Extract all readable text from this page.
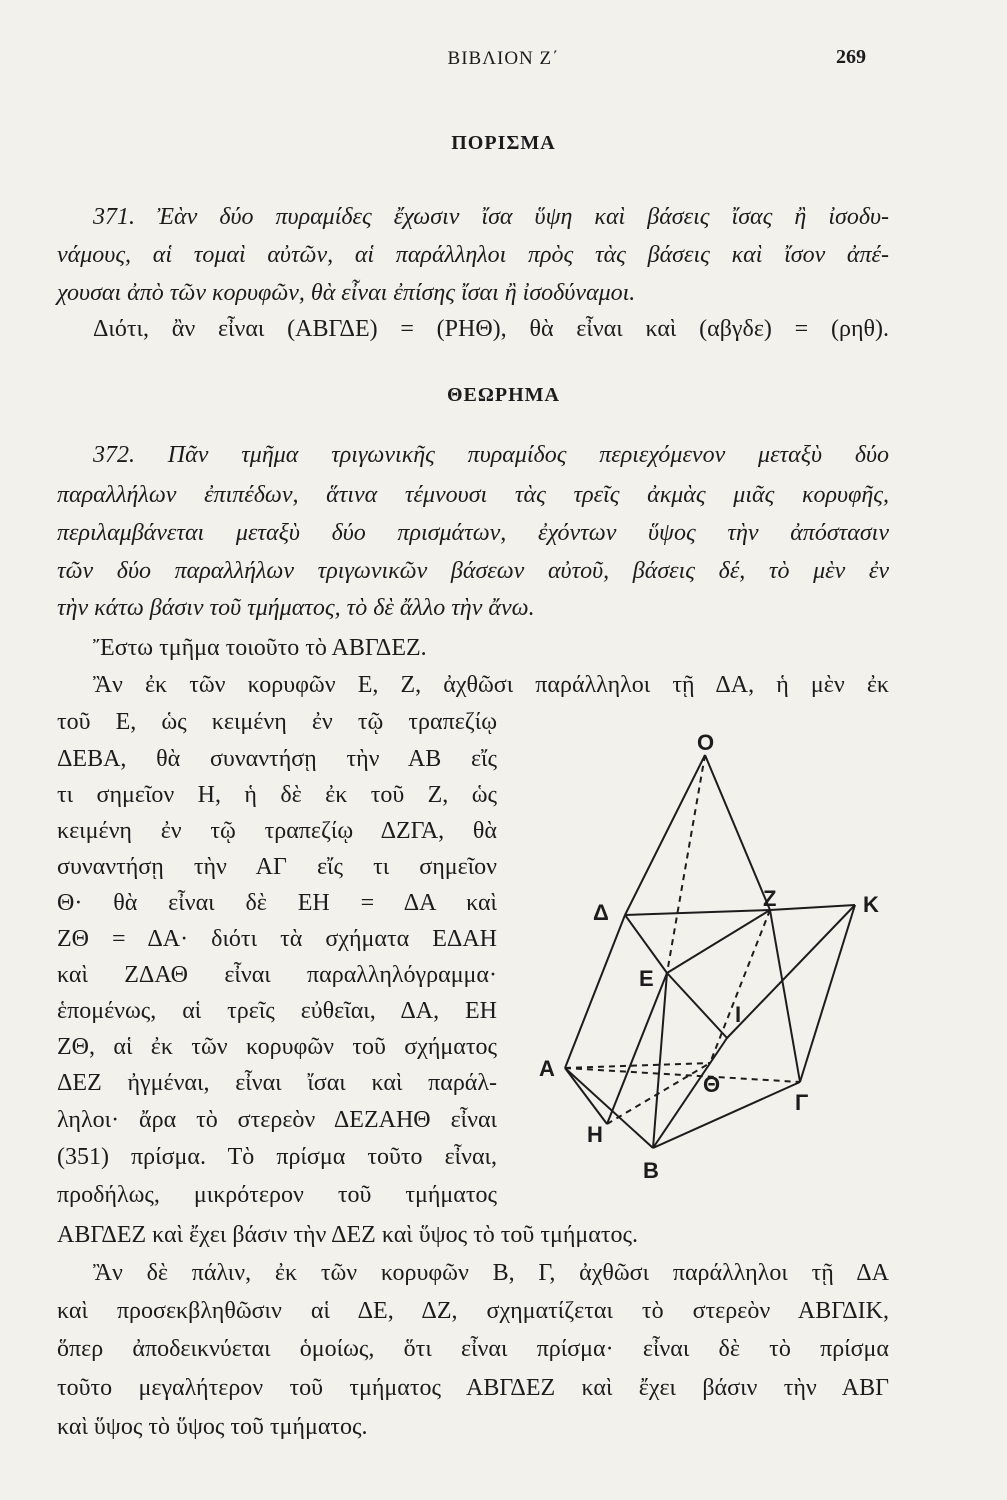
ΒΙΒΛΙΟΝ Ζ΄	269
ΠΟΡΙΣΜΑ
371. Ἐὰν δύο πυραμίδες ἔχωσιν ἴσα ὕψη καὶ βάσεις ἴσας ἢ ἰσοδυ-
νάμους, αἱ τομαὶ αὐτῶν, αἱ παράλληλοι πρὸς τὰς βάσεις καὶ ἴσον ἀπέ-
χουσαι ἀπὸ τῶν κορυφῶν, θὰ εἶναι ἐπίσης ἴσαι ἢ ἰσοδύναμοι.
Διότι, ἂν εἶναι (ΑΒΓΔΕ) = (ΡΗΘ), θὰ εἶναι καὶ (αβγδε) = (ρηθ).
ΘΕΩΡΗΜΑ
372. Πᾶν τμῆμα τριγωνικῆς πυραμίδος περιεχόμενον μεταξὺ δύο
παραλλήλων ἐπιπέδων, ἅτινα τέμνουσι τὰς τρεῖς ἀκμὰς μιᾶς κορυφῆς,
περιλαμβάνεται μεταξὺ δύο πρισμάτων, ἐχόντων ὕψος τὴν ἀπόστασιν
τῶν δύο παραλλήλων τριγωνικῶν βάσεων αὐτοῦ, βάσεις δέ, τὸ μὲν ἐν
τὴν κάτω βάσιν τοῦ τμήματος, τὸ δὲ ἄλλο τὴν ἄνω.
Ἔστω τμῆμα τοιοῦτο τὸ ΑΒΓΔΕΖ.
Ἂν ἐκ τῶν κορυφῶν Ε, Ζ, ἀχθῶσι παράλληλοι τῇ ΔΑ, ἡ μὲν ἐκ
τοῦ Ε, ὡς κειμένη ἐν τῷ τραπεζίῳ
ΔΕΒΑ, θὰ συναντήσῃ τὴν ΑΒ εἴς
τι σημεῖον Η, ἡ δὲ ἐκ τοῦ Ζ, ὡς
κειμένη ἐν τῷ τραπεζίῳ ΔΖΓΑ, θὰ
συναντήσῃ τὴν ΑΓ εἴς τι σημεῖον
Θ· θὰ εἶναι δὲ ΕΗ = ΔΑ καὶ
ΖΘ = ΔΑ· διότι τὰ σχήματα ΕΔΑΗ
καὶ ΖΔΑΘ εἶναι παραλληλόγραμμα·
ἑπομένως, αἱ τρεῖς εὐθεῖαι, ΔΑ, ΕΗ
ΖΘ, αἱ ἐκ τῶν κορυφῶν τοῦ σχήματος
ΔΕΖ ἠγμέναι, εἶναι ἴσαι καὶ παράλ-
ληλοι· ἄρα τὸ στερεὸν ΔΕΖΑΗΘ εἶναι
(351) πρίσμα. Τὸ πρίσμα τοῦτο εἶναι,
προδήλως, μικρότερον τοῦ τμήματος
ΑΒΓΔΕΖ καὶ ἔχει βάσιν τὴν ΔΕΖ καὶ ὕψος τὸ τοῦ τμήματος.
Ἂν δὲ πάλιν, ἐκ τῶν κορυφῶν Β, Γ, ἀχθῶσι παράλληλοι τῇ ΔΑ
καὶ προσεκβληθῶσιν αἱ ΔΕ, ΔΖ, σχηματίζεται τὸ στερεὸν ΑΒΓΔΙΚ,
ὅπερ ἀποδεικνύεται ὁμοίως, ὅτι εἶναι πρίσμα· εἶναι δὲ τὸ πρίσμα
τοῦτο μεγαλήτερον τοῦ τμήματος ΑΒΓΔΕΖ καὶ ἔχει βάσιν τὴν ΑΒΓ
καὶ ὕψος τὸ ὕψος τοῦ τμήματος.
O
Δ
Z	K
E
I
A
Θ
Γ
H
B
